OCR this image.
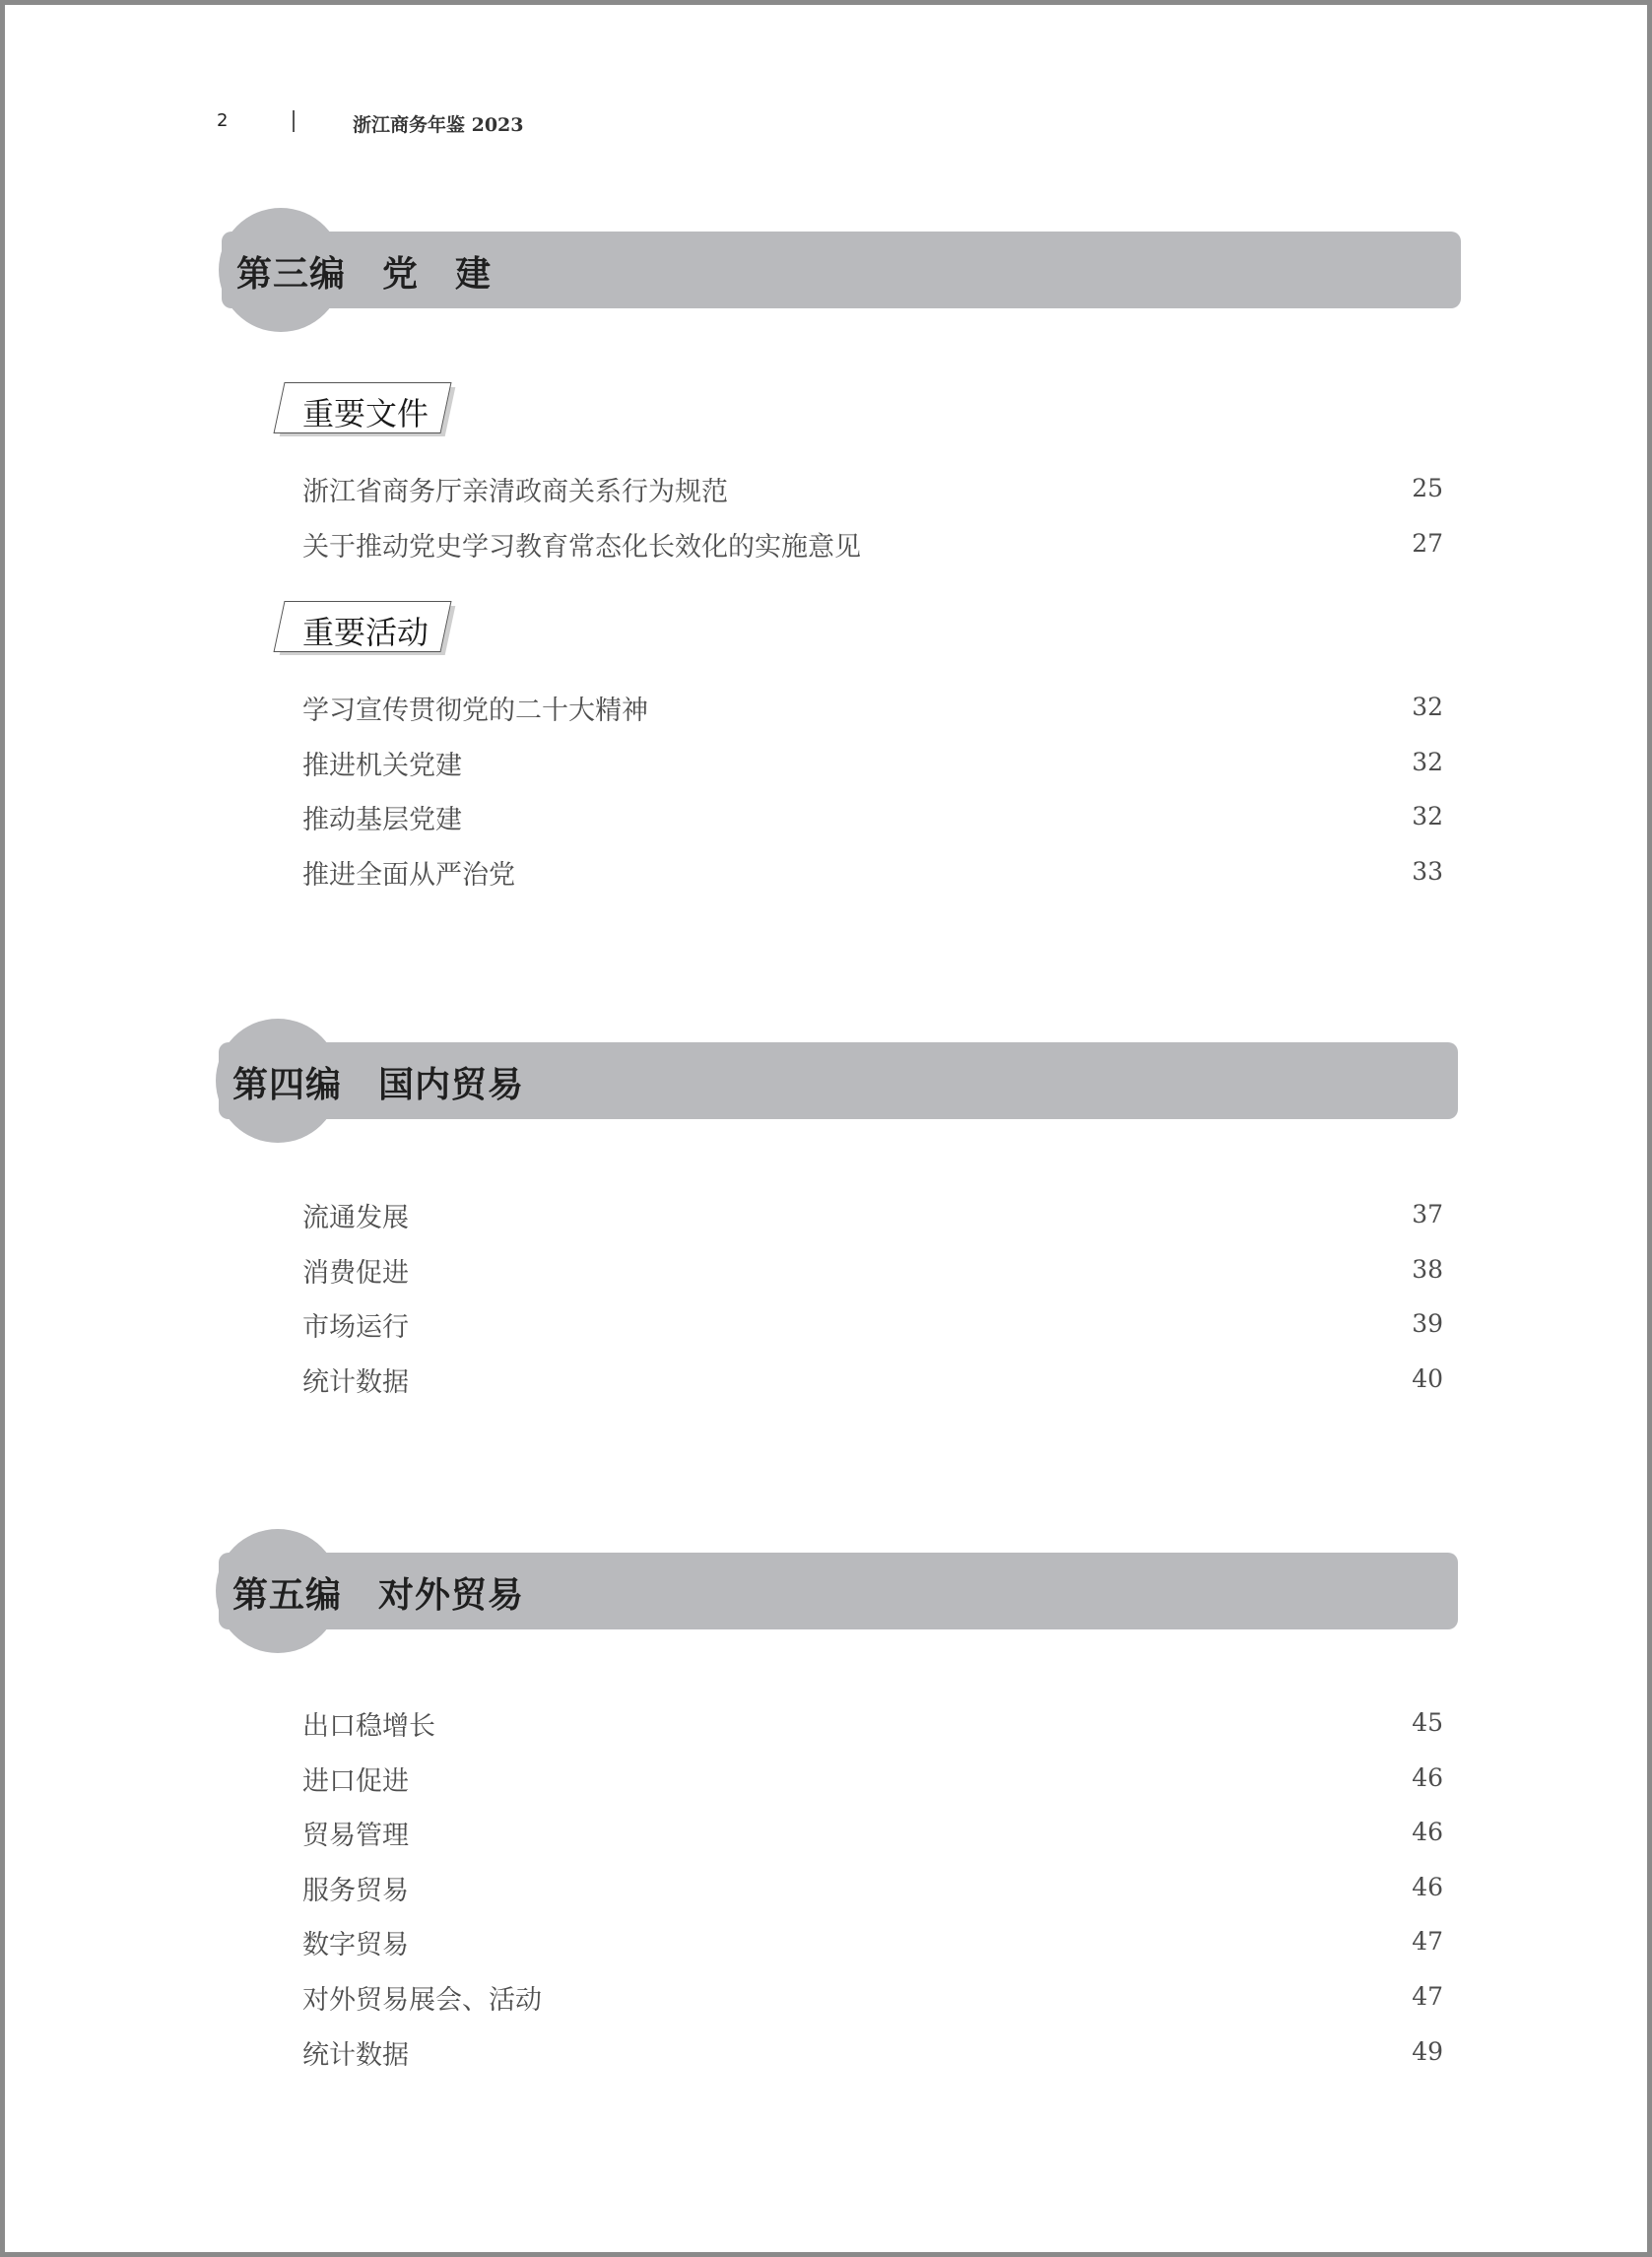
2	浙江商务年鉴 2023
第三编　党　建
重要文件
浙江省商务厅亲清政商关系行为规范	25
关于推动党史学习教育常态化长效化的实施意见	27
重要活动
学习宣传贯彻党的二十大精神	32
推进机关党建	32
推动基层党建	32
推进全面从严治党	33
第四编　国内贸易
流通发展	37
消费促进	38
市场运行	39
统计数据	40
第五编　对外贸易
出口稳增长	45
进口促进	46
贸易管理	46
服务贸易	46
数字贸易	47
对外贸易展会、活动	47
统计数据	49
